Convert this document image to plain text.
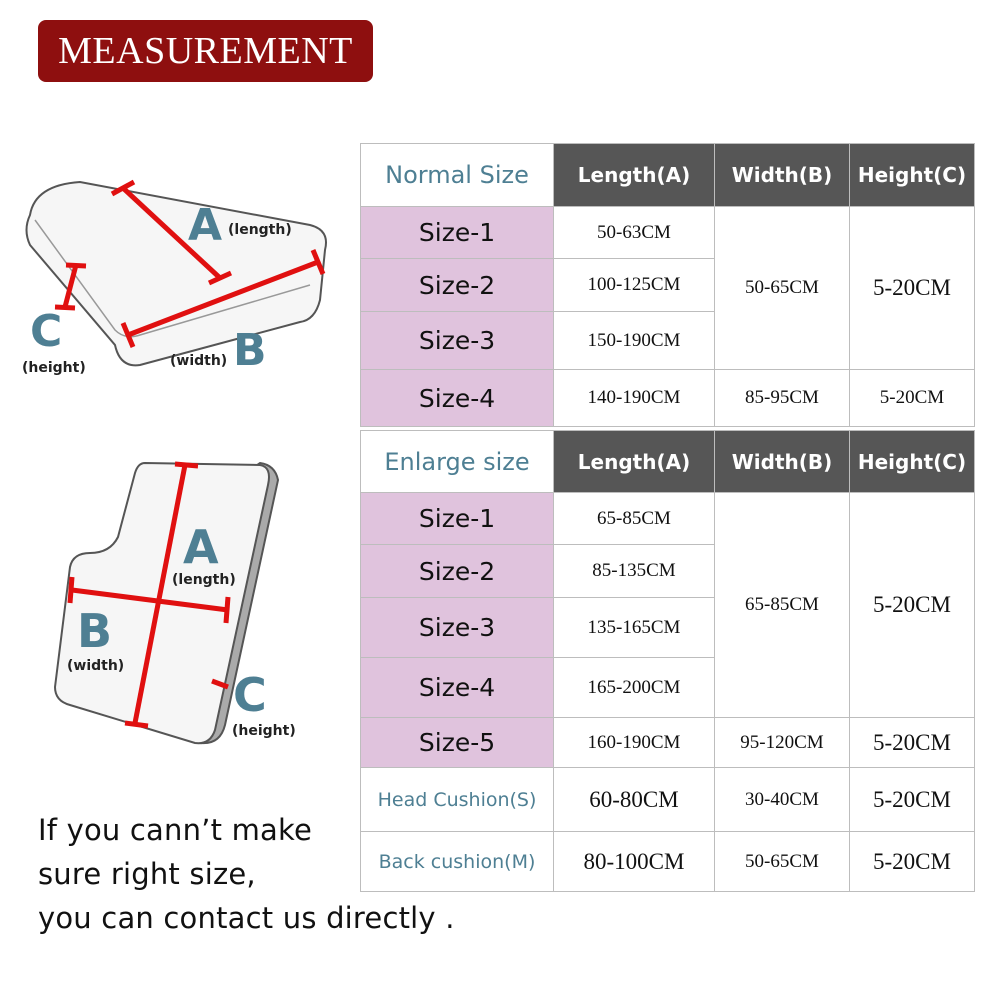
MEASUREMENT
A (length)
B
(width)
C
(height)
A
(length)
B
(width)
C
(height)
If you cann’t make
sure right size,
you can contact us directly .
Normal Size	Length(A)	Width(B)	Height(C)
Size-1	50-63CM	50-65CM	5-20CM
Size-2	100-125CM		
Size-3	150-190CM		
Size-4	140-190CM	85-95CM	5-20CM
Enlarge size	Length(A)	Width(B)	Height(C)
Size-1	65-85CM	65-85CM	5-20CM
Size-2	85-135CM		
Size-3	135-165CM		
Size-4	165-200CM		
Size-5	160-190CM	95-120CM	5-20CM
Head Cushion(S)	60-80CM	30-40CM	5-20CM
Back cushion(M)	80-100CM	50-65CM	5-20CM
